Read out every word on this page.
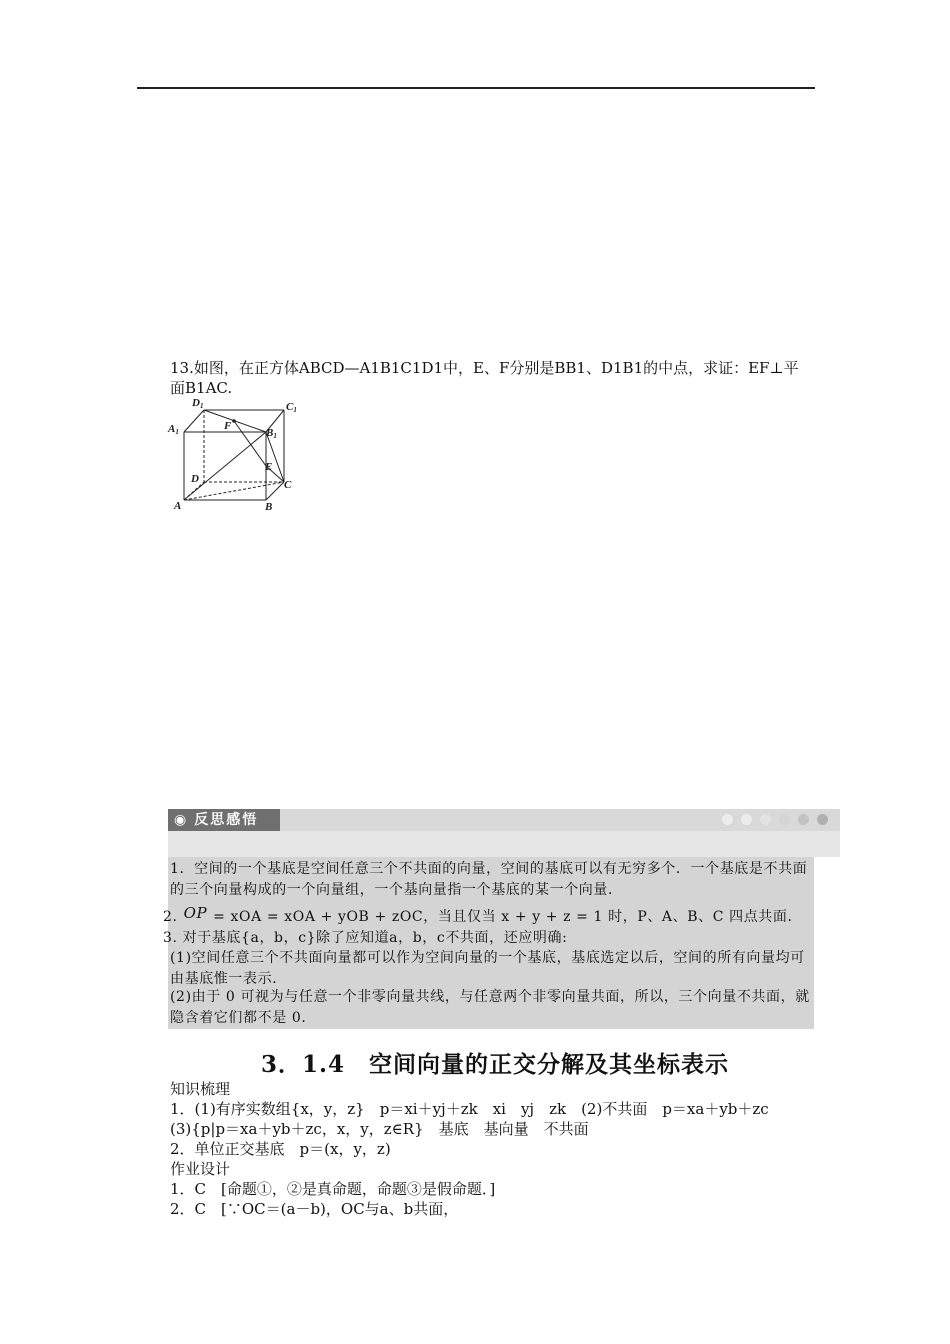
13.如图，在正方体ABCD—A1B1C1D1中，E、F分别是BB1、D1B1的中点，求证：EF⊥平
面B1AC.
D1	C1
A1	F
B1
E
D	C
A	B
◉ 反思感悟
1．空间的一个基底是空间任意三个不共面的向量，空间的基底可以有无穷多个．一个基底是不共面的三个向量构成的一个向量组，一个基向量指一个基底的某一个向量．
2. OP = xOA = xOA + yOB + zOC，当且仅当 x + y + z = 1 时，P、A、B、C 四点共面．
3. 对于基底{a，b，c}除了应知道a，b，c不共面，还应明确:
(1)空间任意三个不共面向量都可以作为空间向量的一个基底，基底选定以后，空间的所有向量均可由基底惟一表示．
(2)由于 0 可视为与任意一个非零向量共线，与任意两个非零向量共面，所以，三个向量不共面，就隐含着它们都不是 0.
3．1.4　空间向量的正交分解及其坐标表示
知识梳理
1．(1)有序实数组{x，y，z}　p＝xi＋yj＋zk　xi　yj　zk　(2)不共面　p＝xa＋yb＋zc
(3){p|p＝xa＋yb＋zc，x，y，z∈R}　基底　基向量　不共面
2．单位正交基底　p＝(x，y，z)
作业设计
1．C　[命题①，②是真命题，命题③是假命题．]
2．C　[∵OC＝(a－b)，OC与a、b共面，
